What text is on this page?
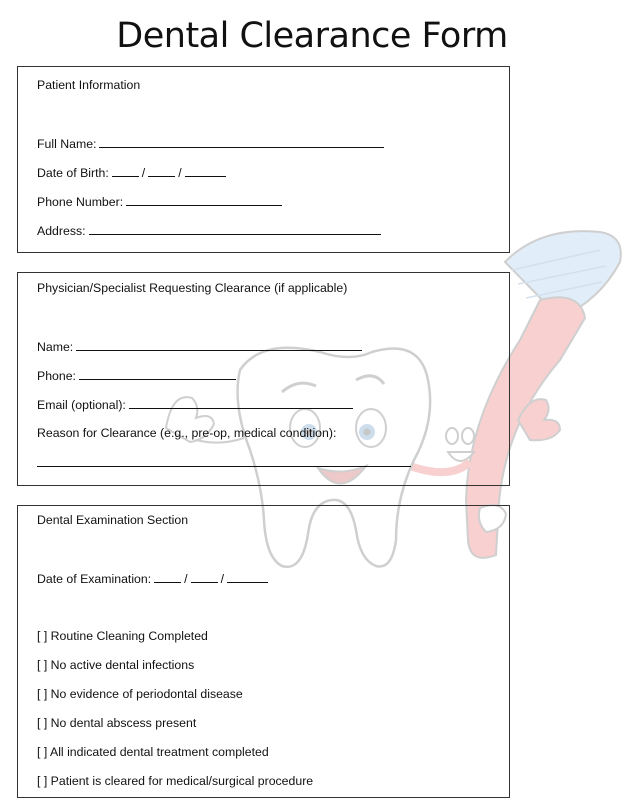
Dental Clearance Form
Patient Information
Full Name:
Date of Birth:	/	/
Phone Number:
Address:
Physician/Specialist Requesting Clearance (if applicable)
Name:
Phone:
Email (optional):
Reason for Clearance (e.g., pre-op, medical condition):
Dental Examination Section
Date of Examination:	/	/
[ ] Routine Cleaning Completed
[ ] No active dental infections
[ ] No evidence of periodontal disease
[ ] No dental abscess present
[ ] All indicated dental treatment completed
[ ] Patient is cleared for medical/surgical procedure
